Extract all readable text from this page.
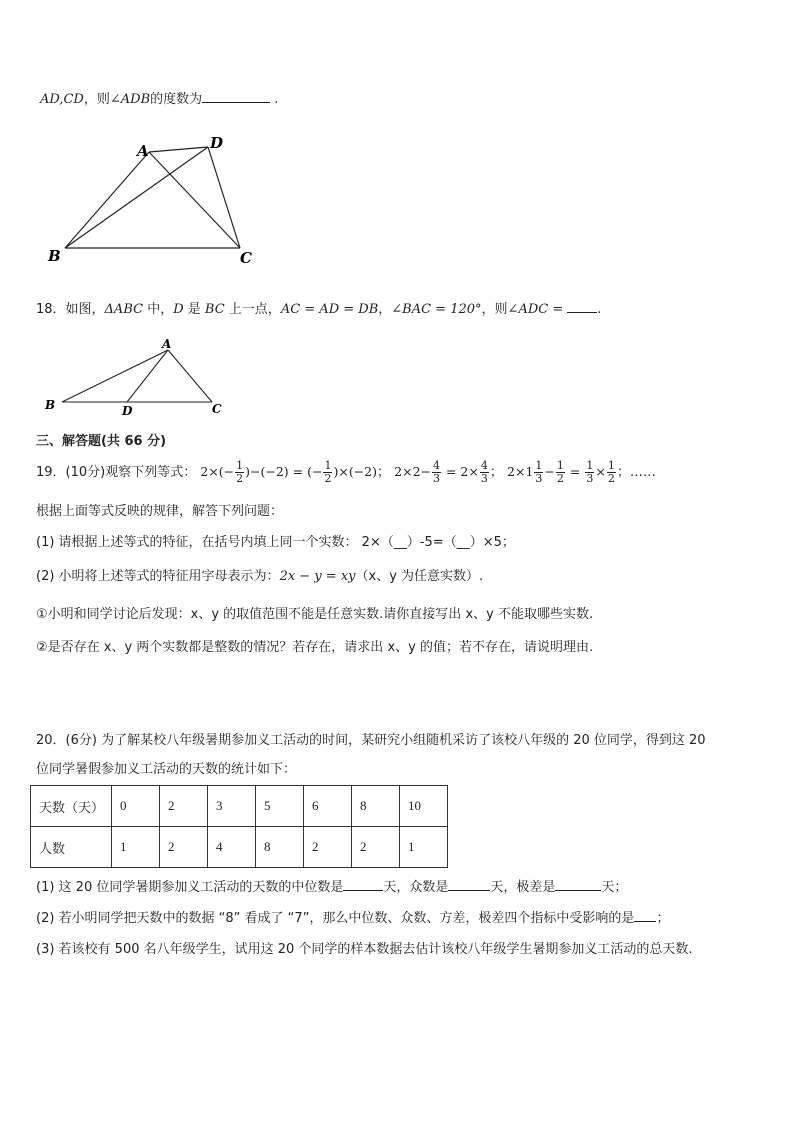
AD,CD，则∠ADB的度数为	.
A	D
B	C
18．如图，ΔABC 中，D 是 BC 上一点，AC = AD = DB，∠BAC = 120°，则∠ADC =	.
A
B	D	C
三、解答题(共 66 分)
19．(10分)观察下列等式： $2\times(- \frac{1}{2} )-(-2)$ = (− $\frac{1}{2} )\times(-2)$； $2\times 2- \frac{4}{3} = 2\times \frac{4}{3}$ ； $2\times 1 \frac{1}{3} - \frac{1}{2} = \frac{1}{3} \times \frac{1}{2}$ ；……
根据上面等式反映的规律，解答下列问题：
(1) 请根据上述等式的特征，在括号内填上同一个实数： 2×（__）-5=（__）×5；
(2) 小明将上述等式的特征用字母表示为：2x − y = xy（x、y 为任意实数）.
①小明和同学讨论后发现：x、y 的取值范围不能是任意实数.请你直接写出 x、y 不能取哪些实数.
②是否存在 x、y 两个实数都是整数的情况？若存在，请求出 x、y 的值；若不存在，请说明理由.
20．(6分) 为了解某校八年级暑期参加义工活动的时间，某研究小组随机采访了该校八年级的 20 位同学，得到这 20
位同学暑假参加义工活动的天数的统计如下：
天数（天）	0	2	3	5	6	8	10
人数	1	2	4	8	2	2	1
(1) 这 20 位同学暑期参加义工活动的天数的中位数是	天，众数是	天，极差是	天；
(2) 若小明同学把天数中的数据 “8” 看成了 “7”，那么中位数、众数、方差，极差四个指标中受影响的是 ；
(3) 若该校有 500 名八年级学生，试用这 20 个同学的样本数据去估计该校八年级学生暑期参加义工活动的总天数.
